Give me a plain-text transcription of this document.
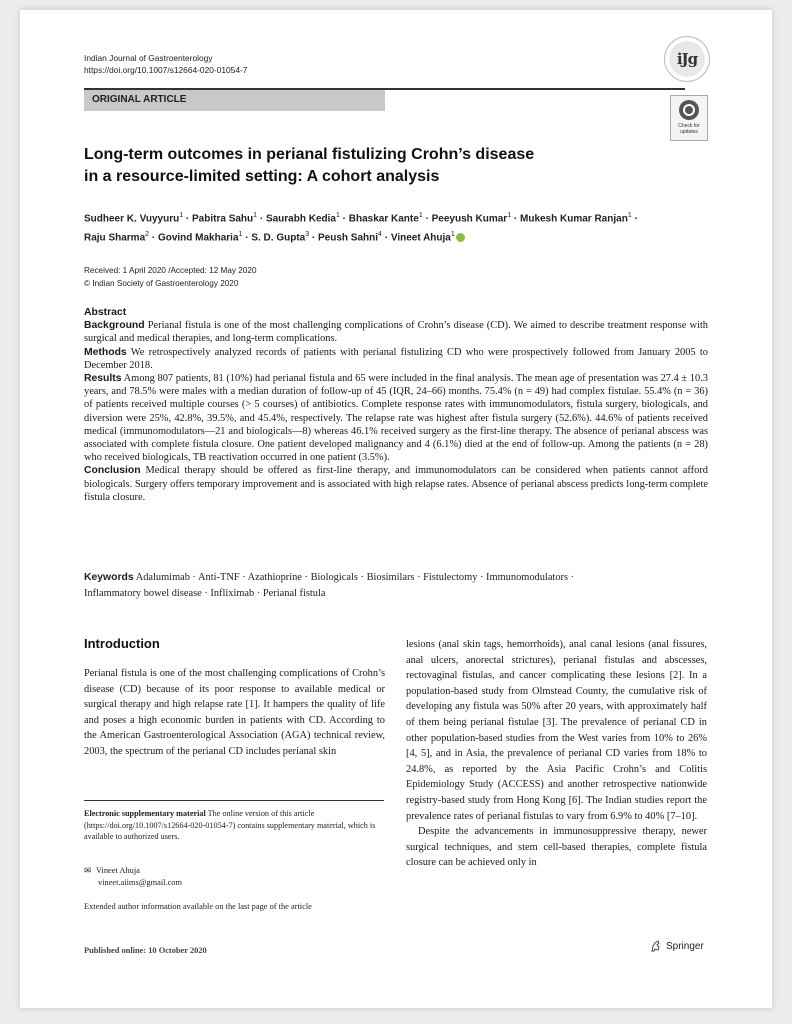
Indian Journal of Gastroenterology
https://doi.org/10.1007/s12664-020-01054-7
iJg
ORIGINAL ARTICLE
Check for updates
Long-term outcomes in perianal fistulizing Crohn’s disease
in a resource-limited setting: A cohort analysis
Sudheer K. Vuyyuru$^1$ · Pabitra Sahu$^1$ · Saurabh Kedia$^1$ · Bhaskar Kante$^1$ · Peeyush Kumar$^1$ · Mukesh Kumar Ranjan$^1$ ·
Raju Sharma$^2$ · Govind Makharia$^1$ · S. D. Gupta$^3$ · Peush Sahni$^4$ · Vineet Ahuja$^1$
Received: 1 April 2020 /Accepted: 12 May 2020
© Indian Society of Gastroenterology 2020
Abstract

Background Perianal fistula is one of the most challenging complications of Crohn’s disease (CD). We aimed to describe treatment response with surgical and medical therapies, and long-term complications.

Methods We retrospectively analyzed records of patients with perianal fistulizing CD who were prospectively followed from January 2005 to December 2018.

Results Among 807 patients, 81 (10%) had perianal fistula and 65 were included in the final analysis. The mean age of presentation was 27.4 ± 10.3 years, and 78.5% were males with a median duration of follow-up of 45 (IQR, 24–66) months. 75.4% (n = 49) had complex fistulae. 55.4% (n = 36) of patients received multiple courses (> 5 courses) of antibiotics. Complete response rates with immunomodulators, fistula surgery, biologicals, and diversion were 25%, 42.8%, 39.5%, and 45.4%, respectively. The relapse rate was highest after fistula surgery (52.6%). 44.6% of patients received medical (immunomodulators—21 and biologicals—8) whereas 46.1% received surgery as the first-line therapy. The absence of perianal abscess was associated with complete fistula closure. One patient developed malignancy and 4 (6.1%) died at the end of follow-up. Among the patients (n = 28) who received biologicals, TB reactivation occurred in one patient (3.5%).

Conclusion Medical therapy should be offered as first-line therapy, and immunomodulators can be considered when patients cannot afford biologicals. Surgery offers temporary improvement and is associated with high relapse rates. Absence of perianal abscess predicts long-term complete fistula closure.

Keywords Adalumimab · Anti-TNF · Azathioprine · Biologicals · Biosimilars · Fistulectomy · Immunomodulators ·
Inflammatory bowel disease · Infliximab · Perianal fistula
Introduction

Perianal fistula is one of the most challenging complications of Crohn’s disease (CD) because of its poor response to available medical or surgical therapy and high relapse rate [1]. It hampers the quality of life and poses a high economic burden in patients with CD. According to the American Gastroenterological Association (AGA) technical review, 2003, the spectrum of the perianal CD includes perianal skin

lesions (anal skin tags, hemorrhoids), anal canal lesions (anal fissures, anal ulcers, anorectal strictures), perianal fistulas and abscesses, rectovaginal fistulas, and cancer complicating these lesions [2]. In a population-based study from Olmstead County, the cumulative risk of developing any fistula was 50% after 20 years, with approximately half of them being perianal fistulae [3]. The prevalence of perianal CD in other population-based studies from the West varies from 10% to 26% [4, 5], and in Asia, the prevalence of perianal CD varies from 18% to 24.8%, as reported by the Asia Pacific Crohn’s and Colitis Epidemiology Study (ACCESS) and another retrospective nationwide registry-based study from Hong Kong [6]. The Indian studies report the prevalence rates of perianal fistulas to vary from 6.9% to 40% [7–10].

Despite the advancements in immunosuppressive therapy, newer surgical techniques, and stem cell-based therapies, complete fistula closure can be achieved only in

Electronic supplementary material The online version of this article (https://doi.org/10.1007/s12664-020-01054-7) contains supplementary material, which is available to authorized users.
✉ Vineet Ahuja
vineet.aiims@gmail.com
Extended author information available on the last page of the article
Published online: 10 October 2020	Springer
